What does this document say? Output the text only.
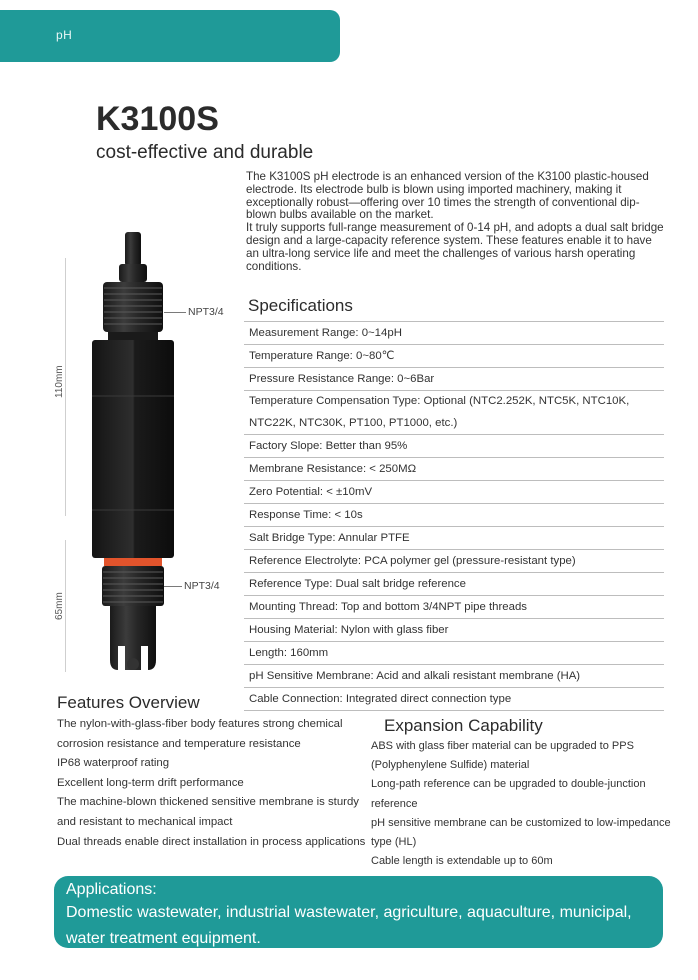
pH
K3100S
cost-effective and durable

The K3100S pH electrode is an enhanced version of the K3100 plastic-housed electrode. Its electrode bulb is blown using imported machinery, making it exceptionally robust—offering over 10 times the strength of conventional dip-blown bulbs available on the market.

It truly supports full-range measurement of 0-14 pH, and adopts a dual salt bridge design and a large-capacity reference system. These features enable it to have an ultra-long service life and meet the challenges of various harsh operating conditions.

110mm
65mm
NPT3/4
NPT3/4
Specifications
Measurement Range: 0~14pH
Temperature Range: 0~80℃
Pressure Resistance Range: 0~6Bar
Temperature Compensation Type: Optional (NTC2.252K, NTC5K, NTC10K, NTC22K, NTC30K, PT100, PT1000, etc.)
Factory Slope: Better than 95%
Membrane Resistance: < 250MΩ
Zero Potential: < ±10mV
Response Time: < 10s
Salt Bridge Type: Annular PTFE
Reference Electrolyte: PCA polymer gel (pressure-resistant type)
Reference Type: Dual salt bridge reference
Mounting Thread: Top and bottom 3/4NPT pipe threads
Housing Material: Nylon with glass fiber
Length: 160mm
pH Sensitive Membrane: Acid and alkali resistant membrane (HA)
Cable Connection: Integrated direct connection type
Features Overview
The nylon-with-glass-fiber body features strong chemical corrosion resistance and temperature resistance
IP68 waterproof rating
Excellent long-term drift performance
The machine-blown thickened sensitive membrane is sturdy and resistant to mechanical impact
Dual threads enable direct installation in process applications
Expansion Capability
ABS with glass fiber material can be upgraded to PPS (Polyphenylene Sulfide) material
Long-path reference can be upgraded to double-junction reference
pH sensitive membrane can be customized to low-impedance type (HL)
Cable length is extendable up to 60m
Applications:
Domestic wastewater, industrial wastewater, agriculture, aquaculture, municipal, water treatment equipment.
